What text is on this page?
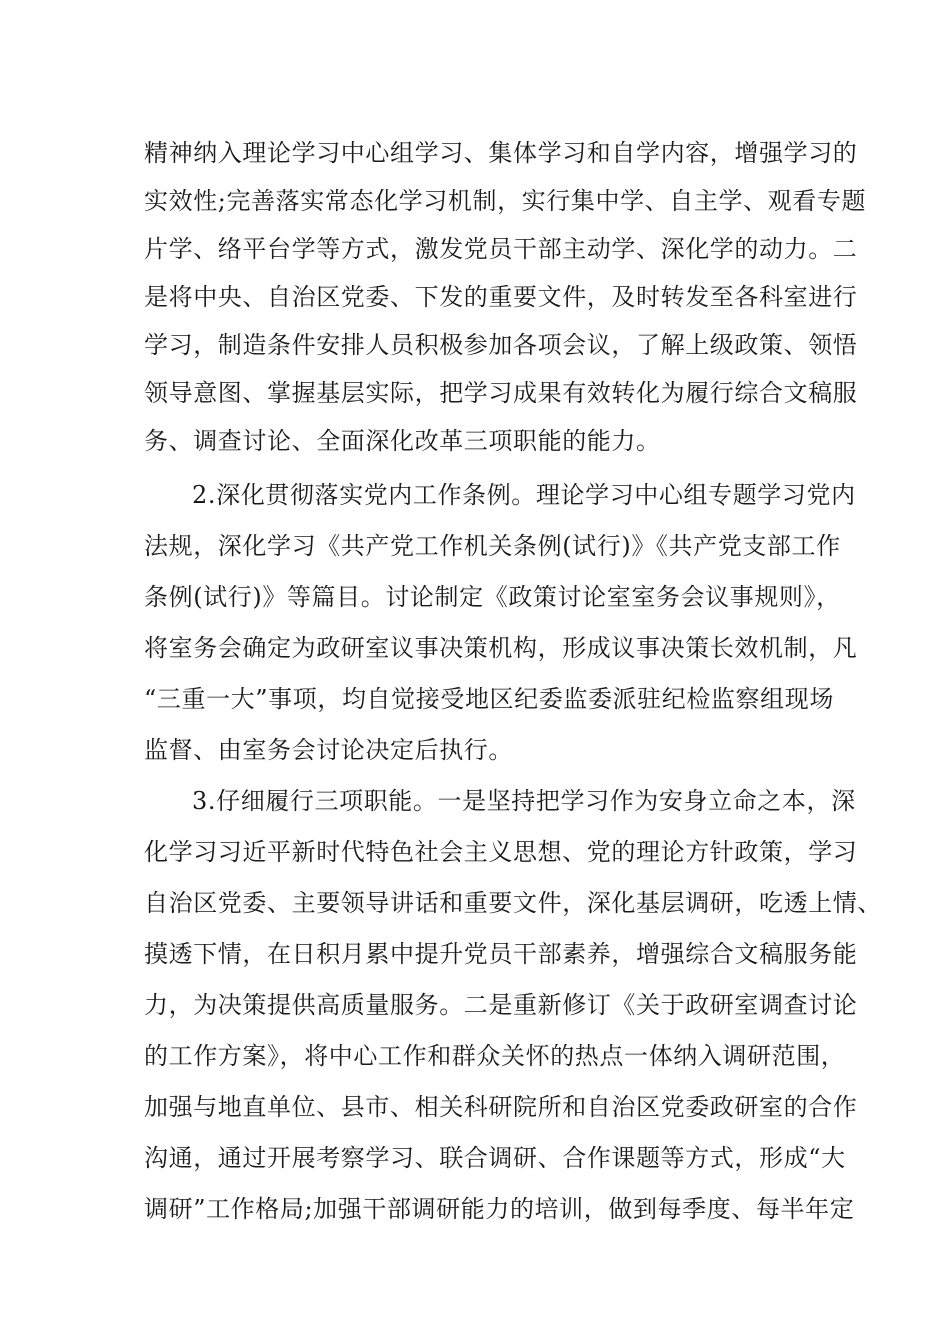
精神纳入理论学习中心组学习、集体学习和自学内容，增强学习的
实效性;完善落实常态化学习机制，实行集中学、自主学、观看专题
片学、络平台学等方式，激发党员干部主动学、深化学的动力。二
是将中央、自治区党委、下发的重要文件，及时转发至各科室进行
学习，制造条件安排人员积极参加各项会议，了解上级政策、领悟
领导意图、掌握基层实际，把学习成果有效转化为履行综合文稿服
务、调查讨论、全面深化改革三项职能的能力。
2.深化贯彻落实党内工作条例。理论学习中心组专题学习党内
法规，深化学习《共产党工作机关条例(试行)》《共产党支部工作
条例(试行)》等篇目。讨论制定《政策讨论室室务会议事规则》，
将室务会确定为政研室议事决策机构，形成议事决策长效机制，凡
“三重一大”事项，均自觉接受地区纪委监委派驻纪检监察组现场
监督、由室务会讨论决定后执行。
3.仔细履行三项职能。一是坚持把学习作为安身立命之本，深
化学习习近平新时代特色社会主义思想、党的理论方针政策，学习
自治区党委、主要领导讲话和重要文件，深化基层调研，吃透上情、
摸透下情，在日积月累中提升党员干部素养，增强综合文稿服务能
力，为决策提供高质量服务。二是重新修订《关于政研室调查讨论
的工作方案》，将中心工作和群众关怀的热点一体纳入调研范围，
加强与地直单位、县市、相关科研院所和自治区党委政研室的合作
沟通，通过开展考察学习、联合调研、合作课题等方式，形成“大
调研”工作格局;加强干部调研能力的培训，做到每季度、每半年定
